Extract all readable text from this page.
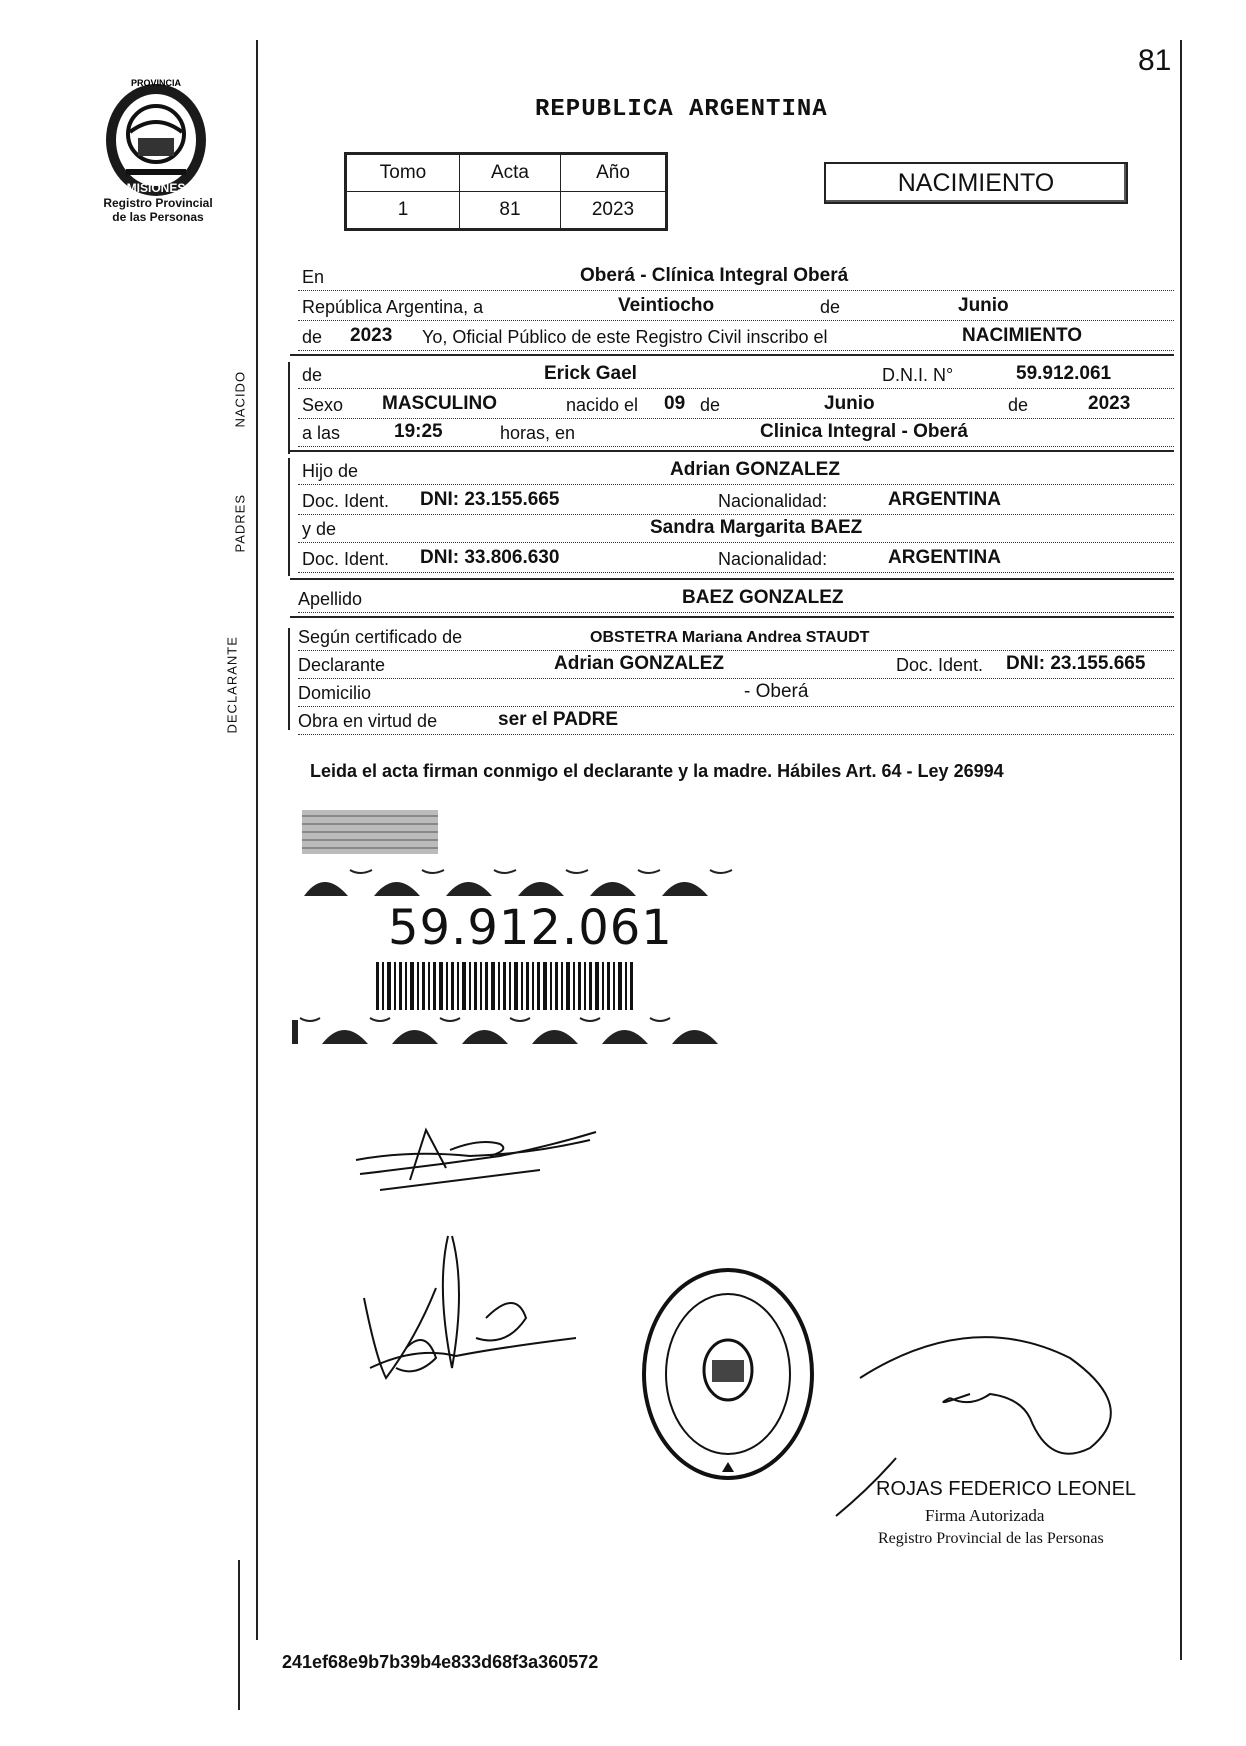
PROVINCIA
MISIONES
Registro Provincial
de las Personas
81
REPUBLICA ARGENTINA
Tomo	Acta	Año
1	81	2023
NACIMIENTO
En	Oberá - Clínica Integral Oberá
República Argentina, a	Veintiocho	de	Junio
de 2023 Yo, Oficial Público de este Registro Civil inscribo el	NACIMIENTO
NACIDO	de	Erick Gael	D.N.I. N°	59.912.061
Sexo MASCULINO	nacido el 09 de	Junio	de	2023
a las	19:25	horas, en	Clinica Integral - Oberá
PADRES
Hijo de	Adrian GONZALEZ
Doc. Ident. DNI: 23.155.665	Nacionalidad:	ARGENTINA
y de	Sandra Margarita BAEZ
Doc. Ident. DNI: 33.806.630	Nacionalidad:	ARGENTINA
Apellido	BAEZ GONZALEZ
DECLARANTE	Según certificado de	OBSTETRA Mariana Andrea STAUDT
Declarante	Adrian GONZALEZ	Doc. Ident. DNI: 23.155.665
Domicilio	- Oberá
Obra en virtud de	ser el PADRE
Leida el acta firman conmigo el declarante y la madre. Hábiles Art. 64 - Ley 26994
59.912.061
ROJAS FEDERICO LEONEL
Firma Autorizada
Registro Provincial de las Personas
241ef68e9b7b39b4e833d68f3a360572
